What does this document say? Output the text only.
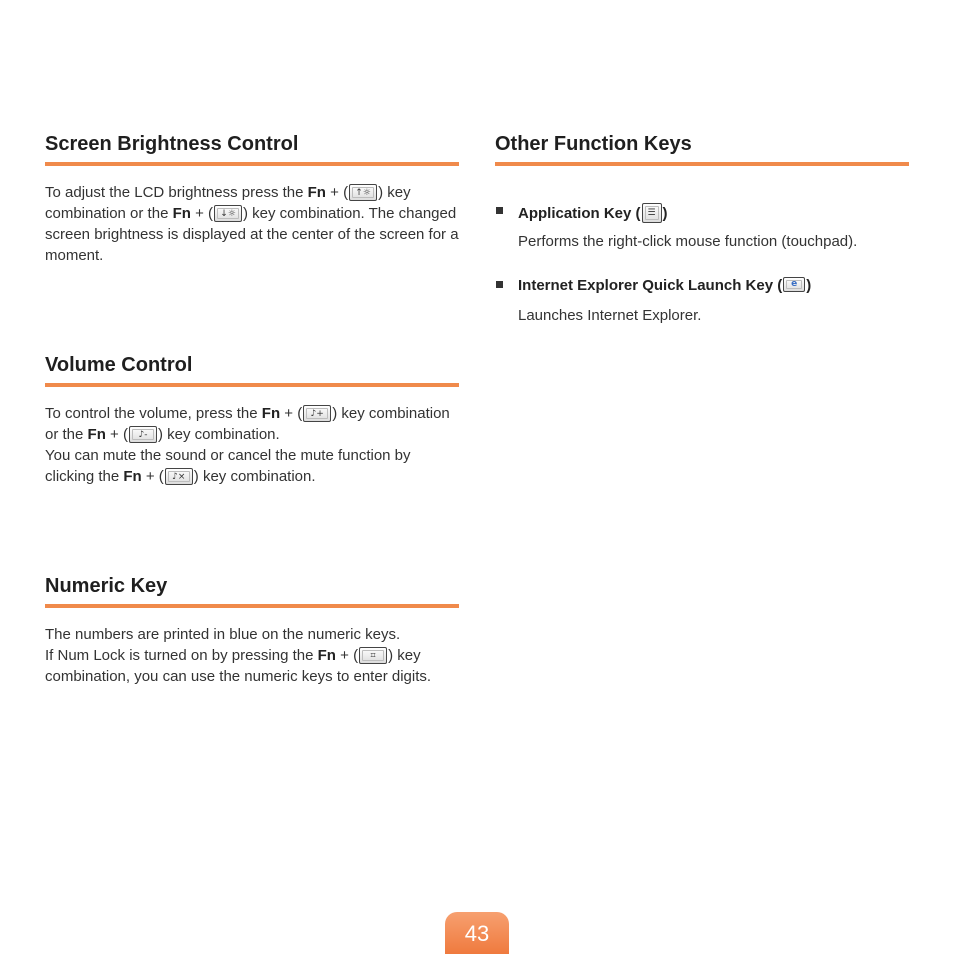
Screen Brightness Control

To adjust the LCD brightness press the Fn + ( ↑☼ ) key combination or the Fn + ( ↓☼ ) key combination. The changed screen brightness is displayed at the center of the screen for a moment.

Volume Control

To control the volume, press the Fn + ( ♪+ ) key combination or the Fn + (	♪- ) key combination.
You can mute the sound or cancel the mute function by clicking the Fn + ( ♪× ) key combination.

Numeric Key

The numbers are printed in blue on the numeric keys.
If Num Lock is turned on by pressing the Fn + (	⌗ ) key combination, you can use the numeric keys to enter digits.

Other Function Keys
Application Key ( ☰ )
Performs the right-click mouse function (touchpad).
Internet Explorer Quick Launch Key ( e )
Launches Internet Explorer.
43
